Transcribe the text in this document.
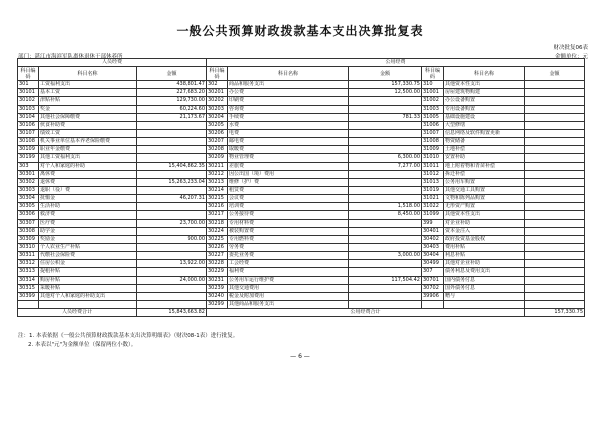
一般公共预算财政拨款基本支出决算批复表
财决批复06表
部门：湛江市海滨军队离休退休干部休养所	金额单位：元
人员经费			公用经费					
科目编码	科目名称	金额	科目编码	科目名称	金额	科目编码	科目名称	金额
301	工资福利支出	438,801.47	302	商品和服务支出	157,330.75	310	其他资本性支出	
30101	基本工资	227,683.20	30201	办公费	12,500.00	31001	房屋建筑物购建	
30102	津贴补贴	129,730.00	30202	印刷费		31002	办公设备购置	
30103	奖金	60,224.60	30203	咨询费		31003	专用设备购置	
30104	其他社会保障缴费	21,173.67	30204	手续费	781.33	31005	基础设施建设	
30106	伙食补助费		30205	水费		31006	大型修缮	
30107	绩效工资		30206	电费		31007	信息网络及软件购置更新	
30108	机关事业单位基本养老保险缴费		30207	邮电费		31008	物资储备	
30109	职业年金缴费		30208	取暖费		31009	土地补偿	
30199	其他工资福利支出		30209	物业管理费	6,300.00	31010	安置补助	
303	对个人和家庭的补助	15,404,862.35	30211	差旅费	7,277.00	31011	地上附着物和青苗补偿	
30301	离休费		30212	因公出国（境）费用		31012	拆迁补偿	
30302	退休费	15,263,233.04	30213	维修（护）费		31013	公务用车购置	
30303	退职（役）费		30214	租赁费		31019	其他交通工具购置	
30304	抚恤金	46,207.31	30215	会议费		31021	文物和陈列品购置	
30305	生活补助		30216	培训费	1,518.00	31022	无形资产购置	
30306	救济费		30217	公务接待费	8,450.00	31099	其他资本性支出	
30307	医疗费	23,700.00	30218	专用材料费		399	对企业补助	
30308	助学金		30224	被装购置费		30401	资本金注入	
30309	奖励金	900.00	30225	专用燃料费		30402	政府投资基金股权	
30310	个人农业生产补贴		30226	劳务费		30403	费用补贴	
30311	代缴社会保险费		30227	委托业务费	3,000.00	30404	利息补贴	
30312	住房公积金	13,922.00	30228	工会经费		30499	其他对企业补助	
30313	提租补贴		30229	福利费		307	债务利息及费用支出	
30314	购房补贴	24,000.00	30231	公务用车运行维护费	117,504.42	30701	国内债务付息	
30315	采暖补贴		30239	其他交通费用		30702	国外债务付息	
30399	其他对个人和家庭的补助支出		30240	税金及附加费用		39906	赠与	
			30299	其他商品和服务支出				
人员经费合计		15,843,663.82	公用经费合计					157,330.75
注：1. 本表依据《一般公共预算财政拨款基本支出决算明细表》（财决08-1表）进行批复。
2. 本表以"元"为金额单位（保留两位小数）。
— 6 —
